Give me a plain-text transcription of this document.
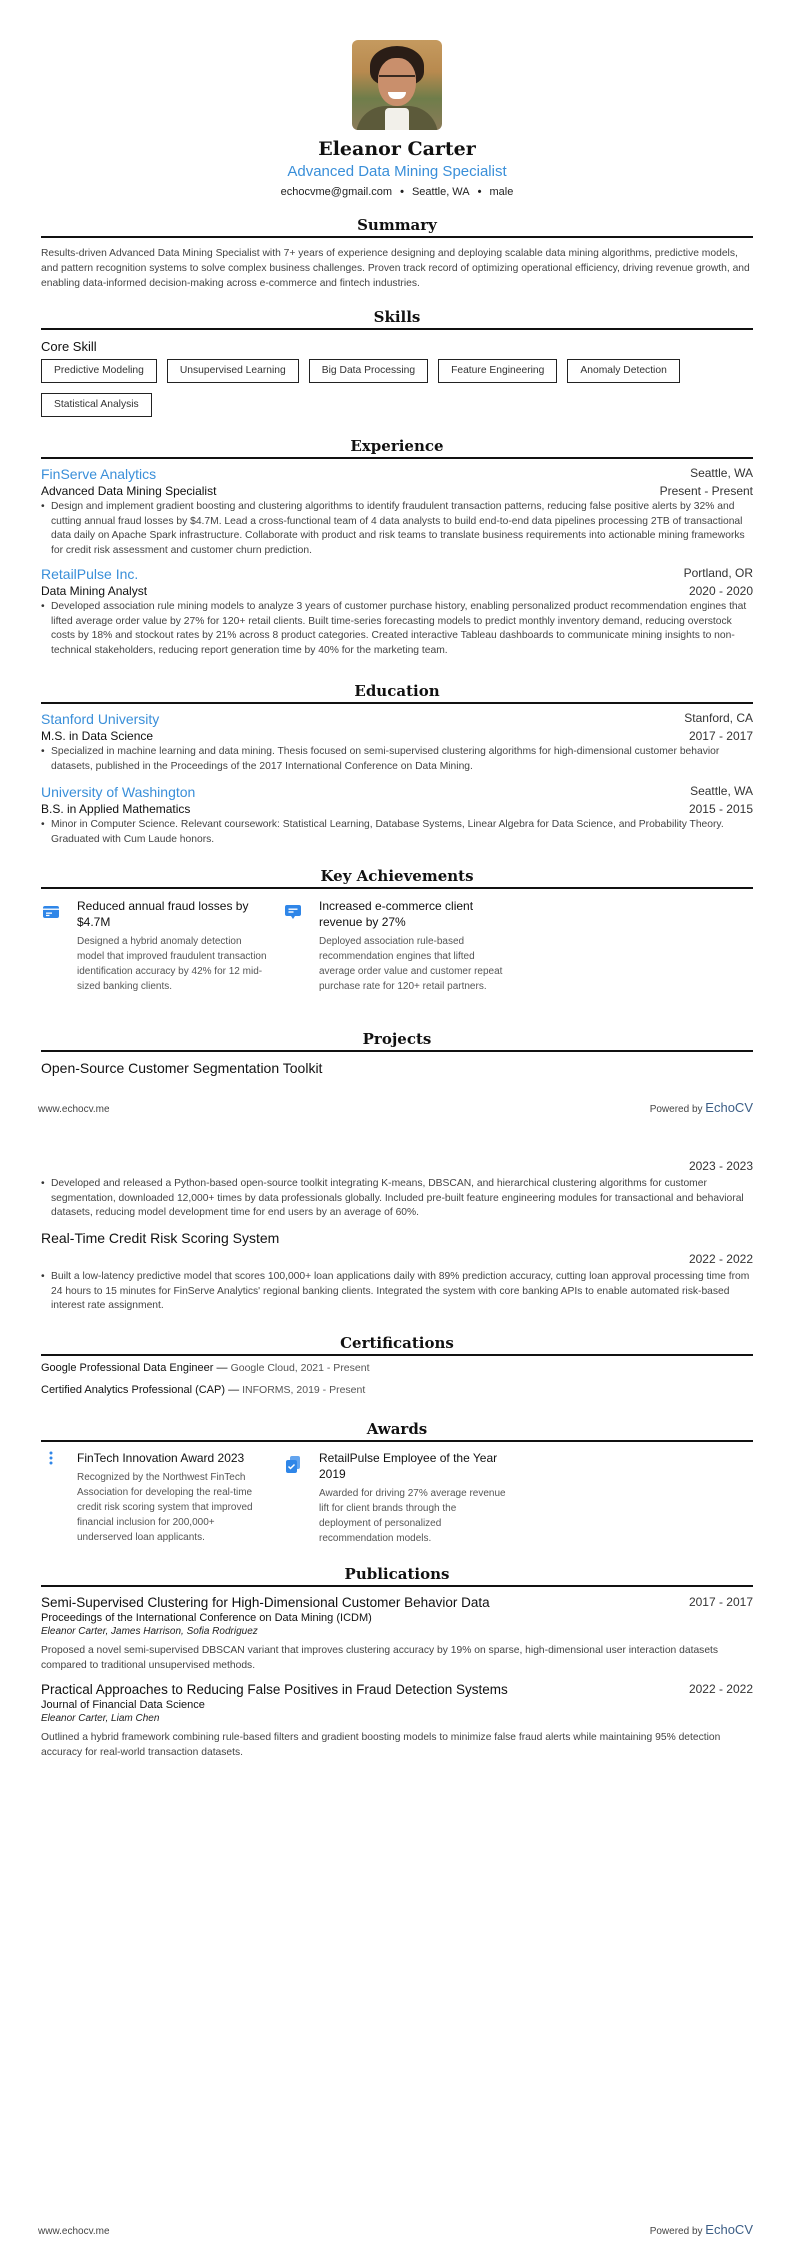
Eleanor Carter
Advanced Data Mining Specialist
echocvme@gmail.com • Seattle, WA • male
Summary
Results-driven Advanced Data Mining Specialist with 7+ years of experience designing and deploying scalable data mining algorithms, predictive models, and pattern recognition systems to solve complex business challenges. Proven track record of optimizing operational efficiency, driving revenue growth, and enabling data-informed decision-making across e-commerce and fintech industries.
Skills
Core Skill
Predictive Modeling	Unsupervised Learning	Big Data Processing	Feature Engineering	Anomaly Detection
Statistical Analysis
Experience
FinServe Analytics	Seattle, WA
Advanced Data Mining Specialist	Present - Present
• Design and implement gradient boosting and clustering algorithms to identify fraudulent transaction patterns, reducing false positive alerts by 32% and cutting annual fraud losses by $4.7M. Lead a cross-functional team of 4 data analysts to build end-to-end data pipelines processing 2TB of transactional data daily on Apache Spark infrastructure. Collaborate with product and risk teams to translate business requirements into actionable mining frameworks for credit risk assessment and customer churn prediction.
RetailPulse Inc.	Portland, OR
Data Mining Analyst	2020 - 2020
• Developed association rule mining models to analyze 3 years of customer purchase history, enabling personalized product recommendation engines that lifted average order value by 27% for 120+ retail clients. Built time-series forecasting models to predict monthly inventory demand, reducing overstock costs by 18% and stockout rates by 21% across 8 product categories. Created interactive Tableau dashboards to communicate mining insights to non-technical stakeholders, reducing report generation time by 40% for the marketing team.
Education
Stanford University	Stanford, CA
M.S. in Data Science	2017 - 2017
• Specialized in machine learning and data mining. Thesis focused on semi-supervised clustering algorithms for high-dimensional customer behavior datasets, published in the Proceedings of the 2017 International Conference on Data Mining.
University of Washington	Seattle, WA
B.S. in Applied Mathematics	2015 - 2015
• Minor in Computer Science. Relevant coursework: Statistical Learning, Database Systems, Linear Algebra for Data Science, and Probability Theory. Graduated with Cum Laude honors.
Key Achievements
Reduced annual fraud losses by $4.7M
Designed a hybrid anomaly detection model that improved fraudulent transaction identification accuracy by 42% for 12 mid-sized banking clients.
Increased e-commerce client revenue by 27%
Deployed association rule-based recommendation engines that lifted average order value and customer repeat purchase rate for 120+ retail partners.
Projects
Open-Source Customer Segmentation Toolkit
www.echocv.me	Powered by EchoCV
2023 - 2023
• Developed and released a Python-based open-source toolkit integrating K-means, DBSCAN, and hierarchical clustering algorithms for customer segmentation, downloaded 12,000+ times by data professionals globally. Included pre-built feature engineering modules for transactional and behavioral datasets, reducing model development time for end users by an average of 60%.
Real-Time Credit Risk Scoring System
2022 - 2022
• Built a low-latency predictive model that scores 100,000+ loan applications daily with 89% prediction accuracy, cutting loan approval processing time from 24 hours to 15 minutes for FinServe Analytics' regional banking clients. Integrated the system with core banking APIs to enable automated risk-based interest rate assignment.
Certifications
Google Professional Data Engineer — Google Cloud, 2021 - Present
Certified Analytics Professional (CAP) — INFORMS, 2019 - Present
Awards
FinTech Innovation Award 2023
Recognized by the Northwest FinTech Association for developing the real-time credit risk scoring system that improved financial inclusion for 200,000+ underserved loan applicants.
RetailPulse Employee of the Year 2019
Awarded for driving 27% average revenue lift for client brands through the deployment of personalized recommendation models.
Publications
Semi-Supervised Clustering for High-Dimensional Customer Behavior Data	2017 - 2017
Proceedings of the International Conference on Data Mining (ICDM)
Eleanor Carter, James Harrison, Sofia Rodriguez
Proposed a novel semi-supervised DBSCAN variant that improves clustering accuracy by 19% on sparse, high-dimensional user interaction datasets compared to traditional unsupervised methods.
Practical Approaches to Reducing False Positives in Fraud Detection Systems	2022 - 2022
Journal of Financial Data Science
Eleanor Carter, Liam Chen
Outlined a hybrid framework combining rule-based filters and gradient boosting models to minimize false fraud alerts while maintaining 95% detection accuracy for real-world transaction datasets.
www.echocv.me	Powered by EchoCV
